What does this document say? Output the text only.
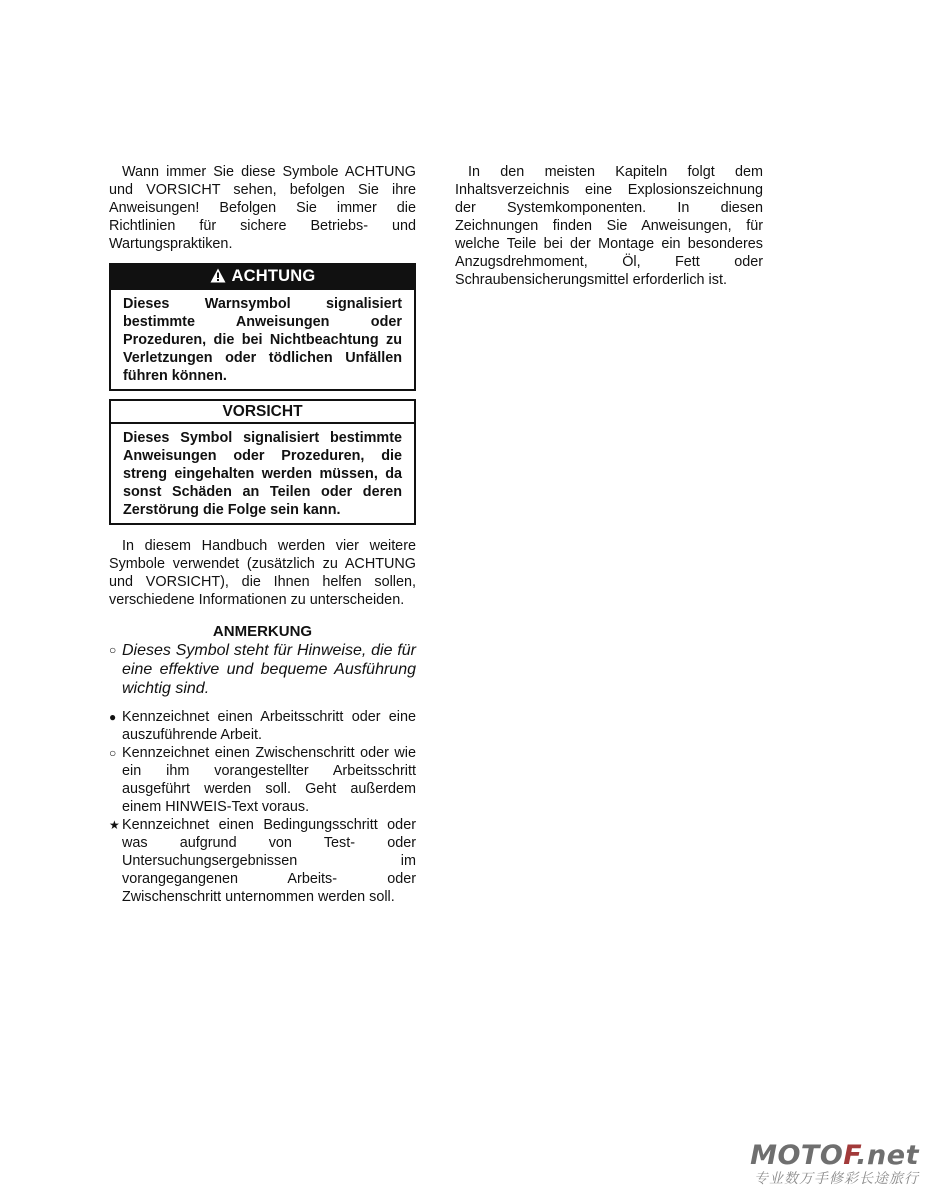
Wann immer Sie diese Symbole ACHTUNG und VORSICHT sehen, befolgen Sie ihre Anweisungen! Befolgen Sie immer die Richtlinien für sichere Betriebs- und Wartungspraktiken.

ACHTUNG
Dieses Warnsymbol signalisiert bestimmte Anweisungen oder Prozeduren, die bei Nichtbeachtung zu Verletzungen oder tödlichen Unfällen führen können.
VORSICHT
Dieses Symbol signalisiert bestimmte Anweisungen oder Prozeduren, die streng eingehalten werden müssen, da sonst Schäden an Teilen oder deren Zerstörung die Folge sein kann.

In diesem Handbuch werden vier weitere Symbole verwendet (zusätzlich zu ACHTUNG und VORSICHT), die Ihnen helfen sollen, verschiedene Informationen zu unterscheiden.

ANMERKUNG
○ Dieses Symbol steht für Hinweise, die für eine effektive und bequeme Ausführung wichtig sind.
● Kennzeichnet einen Arbeitsschritt oder eine auszuführende Arbeit.
○ Kennzeichnet einen Zwischenschritt oder wie ein ihm vorangestellter Arbeitsschritt ausgeführt werden soll. Geht außerdem einem HINWEIS-Text voraus.
★ Kennzeichnet einen Bedingungsschritt oder was aufgrund von Test- oder Untersuchungsergebnissen im vorangegangenen Arbeits- oder Zwischenschritt unternommen werden soll.

In den meisten Kapiteln folgt dem Inhaltsverzeichnis eine Explosionszeichnung der Systemkomponenten. In diesen Zeichnungen finden Sie Anweisungen, für welche Teile bei der Montage ein besonderes Anzugsdrehmoment, Öl, Fett oder Schraubensicherungsmittel erforderlich ist.

MOTOF.net
专业数万手修彩长途旅行
